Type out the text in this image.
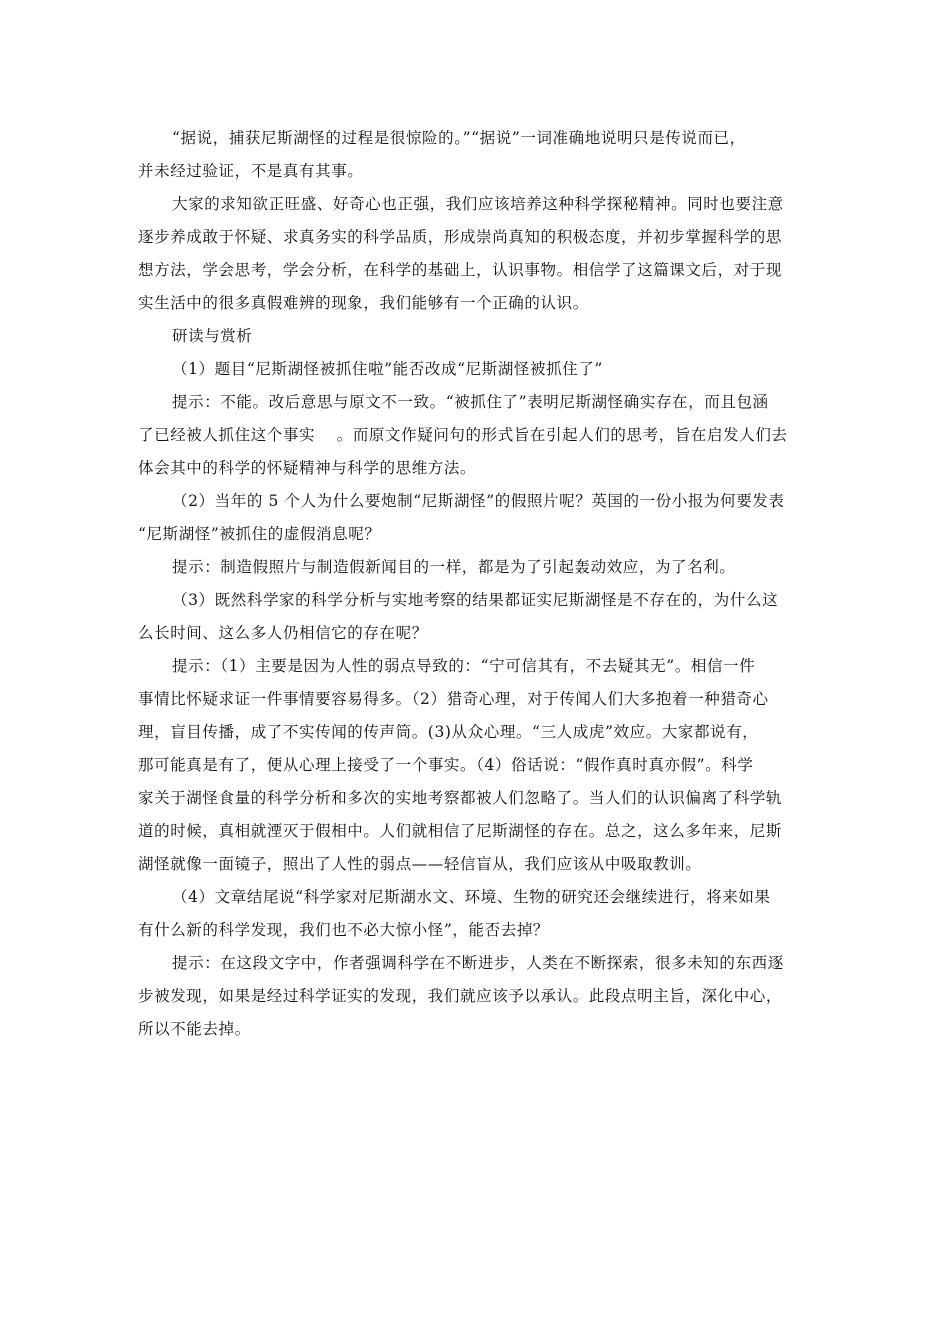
“据说，捕获尼斯湖怪的过程是很惊险的。”“据说”一词准确地说明只是传说而已，
并未经过验证，不是真有其事。
大家的求知欲正旺盛、好奇心也正强，我们应该培养这种科学探秘精神。同时也要注意
逐步养成敢于怀疑、求真务实的科学品质，形成崇尚真知的积极态度，并初步掌握科学的思
想方法，学会思考，学会分析，在科学的基础上，认识事物。相信学了这篇课文后，对于现
实生活中的很多真假难辨的现象，我们能够有一个正确的认识。
研读与赏析
（1）题目“尼斯湖怪被抓住啦”能否改成“尼斯湖怪被抓住了”
提示：不能。改后意思与原文不一致。“被抓住了”表明尼斯湖怪确实存在，而且包涵
了已经被人抓住这个事实 　。而原文作疑问句的形式旨在引起人们的思考，旨在启发人们去
体会其中的科学的怀疑精神与科学的思维方法。
（2）当年的 5 个人为什么要炮制“尼斯湖怪”的假照片呢？英国的一份小报为何要发表
“尼斯湖怪”被抓住的虚假消息呢？
提示：制造假照片与制造假新闻目的一样，都是为了引起轰动效应，为了名利。
（3）既然科学家的科学分析与实地考察的结果都证实尼斯湖怪是不存在的，为什么这
么长时间、这么多人仍相信它的存在呢？
提示：（1）主要是因为人性的弱点导致的：“宁可信其有，不去疑其无”。相信一件
事情比怀疑求证一件事情要容易得多。（2）猎奇心理，对于传闻人们大多抱着一种猎奇心
理，盲目传播，成了不实传闻的传声筒。(3)从众心理。“三人成虎”效应。大家都说有，
那可能真是有了，便从心理上接受了一个事实。（4）俗话说：“假作真时真亦假”。科学
家关于湖怪食量的科学分析和多次的实地考察都被人们忽略了。当人们的认识偏离了科学轨
道的时候，真相就湮灭于假相中。人们就相信了尼斯湖怪的存在。总之，这么多年来，尼斯
湖怪就像一面镜子，照出了人性的弱点——轻信盲从，我们应该从中吸取教训。
（4）文章结尾说“科学家对尼斯湖水文、环境、生物的研究还会继续进行，将来如果
有什么新的科学发现，我们也不必大惊小怪”，能否去掉？
提示：在这段文字中，作者强调科学在不断进步，人类在不断探索，很多未知的东西逐
步被发现，如果是经过科学证实的发现，我们就应该予以承认。此段点明主旨，深化中心，
所以不能去掉。
